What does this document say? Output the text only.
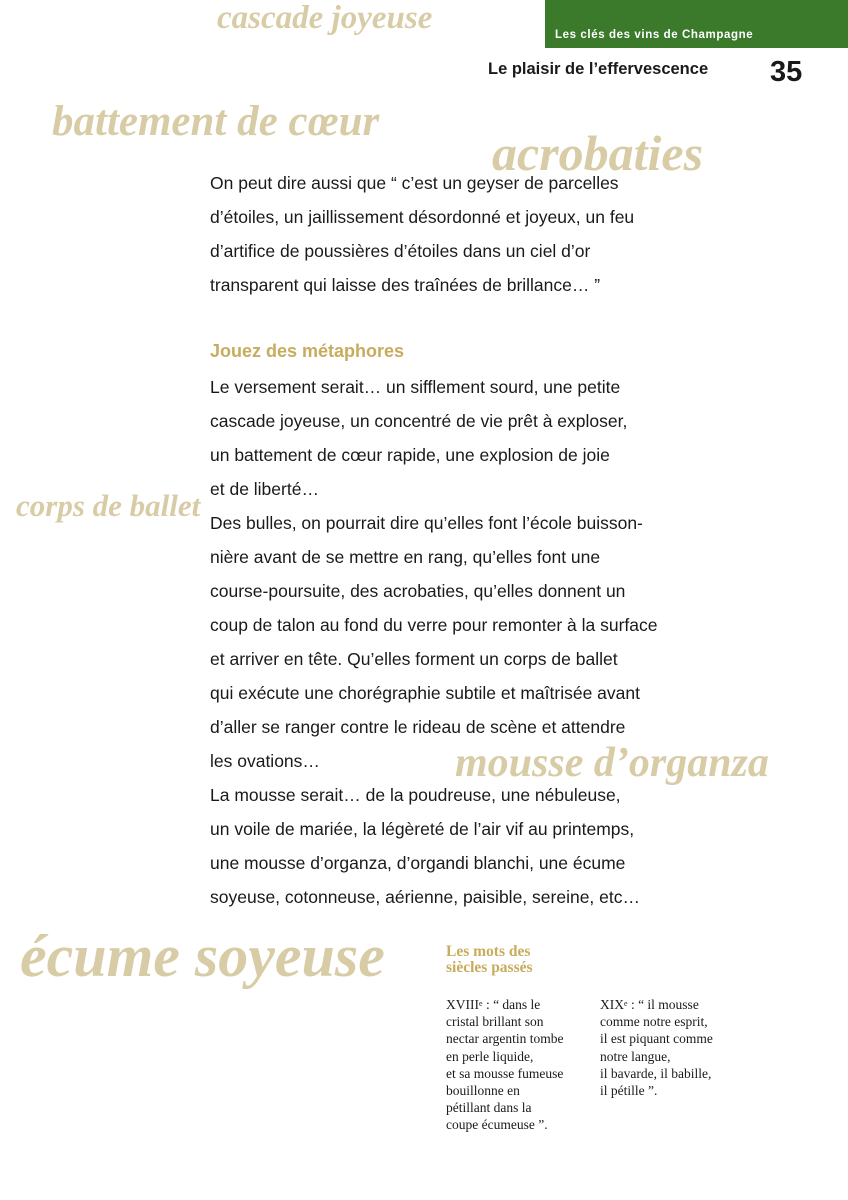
Les clés des vins de Champagne
Le plaisir de l’effervescence 35
cascade joyeuse
battement de cœur
acrobaties
corps de ballet
mousse d’organza
écume soyeuse
On peut dire aussi que “ c’est un geyser de parcelles
d’étoiles, un jaillissement désordonné et joyeux, un feu
d’artifice de poussières d’étoiles dans un ciel d’or
transparent qui laisse des traînées de brillance… ”
Jouez des métaphores
Le versement serait… un sifflement sourd, une petite
cascade joyeuse, un concentré de vie prêt à exploser,
un battement de cœur rapide, une explosion de joie
et de liberté…
Des bulles, on pourrait dire qu’elles font l’école buisson-
nière avant de se mettre en rang, qu’elles font une
course-poursuite, des acrobaties, qu’elles donnent un
coup de talon au fond du verre pour remonter à la surface
et arriver en tête. Qu’elles forment un corps de ballet
qui exécute une chorégraphie subtile et maîtrisée avant
d’aller se ranger contre le rideau de scène et attendre
les ovations…
La mousse serait… de la poudreuse, une nébuleuse,
un voile de mariée, la légèreté de l’air vif au printemps,
une mousse d’organza, d’organdi blanchi, une écume
soyeuse, cotonneuse, aérienne, paisible, sereine, etc…
Les mots des
siècles passés
XVIIIe : “ dans le
cristal brillant son
nectar argentin tombe
en perle liquide,
et sa mousse fumeuse
bouillonne en
pétillant dans la
coupe écumeuse ”.
XIXe : “ il mousse
comme notre esprit,
il est piquant comme
notre langue,
il bavarde, il babille,
il pétille ”.
